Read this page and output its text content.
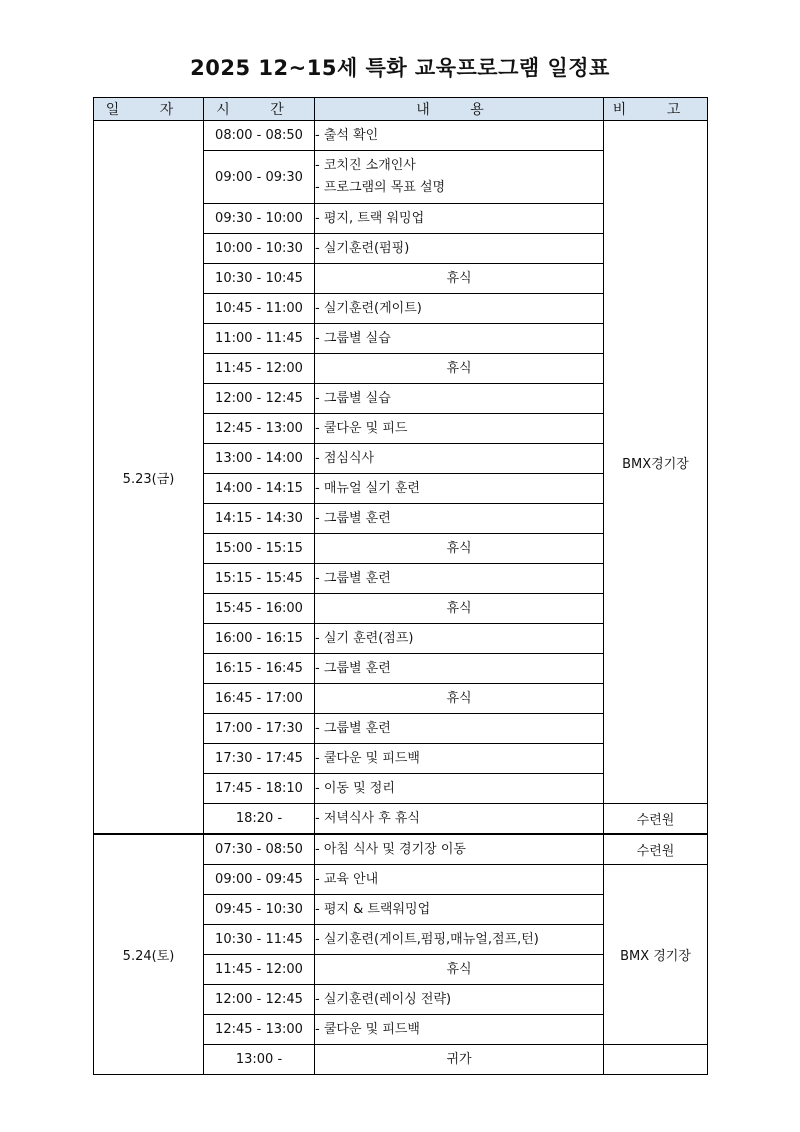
2025 12~15세 특화 교육프로그램 일정표
일 자	시 간	내 용	비 고
5.23(금)	08:00 - 08:50	- 출석 확인	BMX경기장
	09:00 - 09:30	- 코치진 소개인사
- 프로그램의 목표 설명	

	09:30 - 10:00	- 평지, 트랙 워밍업	

	10:00 - 10:30	- 실기훈련(펌핑)	

	10:30 - 10:45	휴식	

	10:45 - 11:00	- 실기훈련(게이트)	

	11:00 - 11:45	- 그룹별 실습	

	11:45 - 12:00	휴식	

	12:00 - 12:45	- 그룹별 실습	

	12:45 - 13:00	- 쿨다운 및 피드	

	13:00 - 14:00	- 점심식사	

	14:00 - 14:15	- 매뉴얼 실기 훈련	

	14:15 - 14:30	- 그룹별 훈련	

	15:00 - 15:15	휴식	

	15:15 - 15:45	- 그룹별 훈련	

	15:45 - 16:00	휴식	

	16:00 - 16:15	- 실기 훈련(점프)	

	16:15 - 16:45	- 그룹별 훈련	

	16:45 - 17:00	휴식	

	17:00 - 17:30	- 그룹별 훈련	

	17:30 - 17:45	- 쿨다운 및 피드백	

	17:45 - 18:10	- 이동 및 정리	

	18:20 -	- 저녁식사 후 휴식	수련원
5.24(토)	07:30 - 08:50	- 아침 식사 및 경기장 이동	수련원
	09:00 - 09:45	- 교육 안내	BMX 경기장
	09:45 - 10:30	- 평지 & 트랙워밍업	

	10:30 - 11:45	- 실기훈련(게이트,펌핑,매뉴얼,점프,턴)	

	11:45 - 12:00	휴식	

	12:00 - 12:45	- 실기훈련(레이싱 전략)	

	12:45 - 13:00	- 쿨다운 및 피드백	

	13:00 -	귀가	
